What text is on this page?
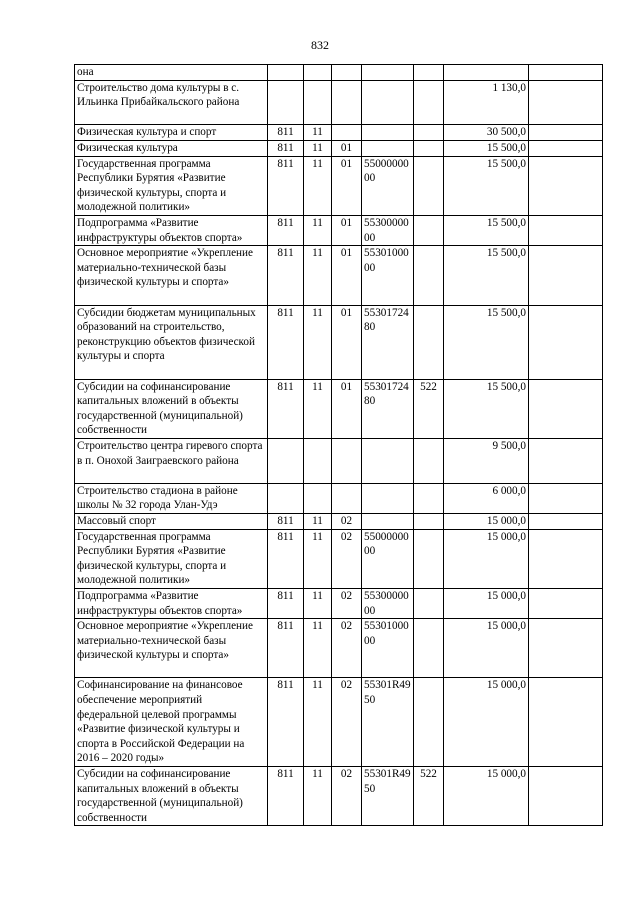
832
она							
Строительство дома культуры в с. Ильинка Прибайкальского района						1 130,0	
Физическая культура и спорт	811	11				30 500,0	
Физическая культура	811	11	01			15 500,0	
Государственная программа Республики Бурятия «Развитие физической культуры, спорта и молодежной политики»	811	11	01	5500000000		15 500,0	
Подпрограмма «Развитие инфраструктуры объектов спорта»	811	11	01	5530000000		15 500,0	
Основное мероприятие «Укрепление материально-технической базы физической культуры и спорта»	811	11	01	5530100000		15 500,0	
Субсидии бюджетам муниципальных образований на строительство, реконструкцию объектов физической культуры и спорта	811	11	01	5530172480		15 500,0	
Субсидии на софинансирование капитальных вложений в объекты государственной (муниципальной) собственности	811	11	01	5530172480	522	15 500,0	
Строительство центра гиревого спорта в п. Онохой Заиграевского района						9 500,0	
Строительство стадиона в районе школы № 32 города Улан-Удэ						6 000,0	
Массовый спорт	811	11	02			15 000,0	
Государственная программа Республики Бурятия «Развитие физической культуры, спорта и молодежной политики»	811	11	02	5500000000		15 000,0	
Подпрограмма «Развитие инфраструктуры объектов спорта»	811	11	02	5530000000		15 000,0	
Основное мероприятие «Укрепление материально-технической базы физической культуры и спорта»	811	11	02	5530100000		15 000,0	
Софинансирование на финансовое обеспечение мероприятий федеральной целевой программы «Развитие физической культуры и спорта в Российской Федерации на 2016 – 2020 годы»	811	11	02	55301R4950		15 000,0	
Субсидии на софинансирование капитальных вложений в объекты государственной (муниципальной) собственности	811	11	02	55301R4950	522	15 000,0	
